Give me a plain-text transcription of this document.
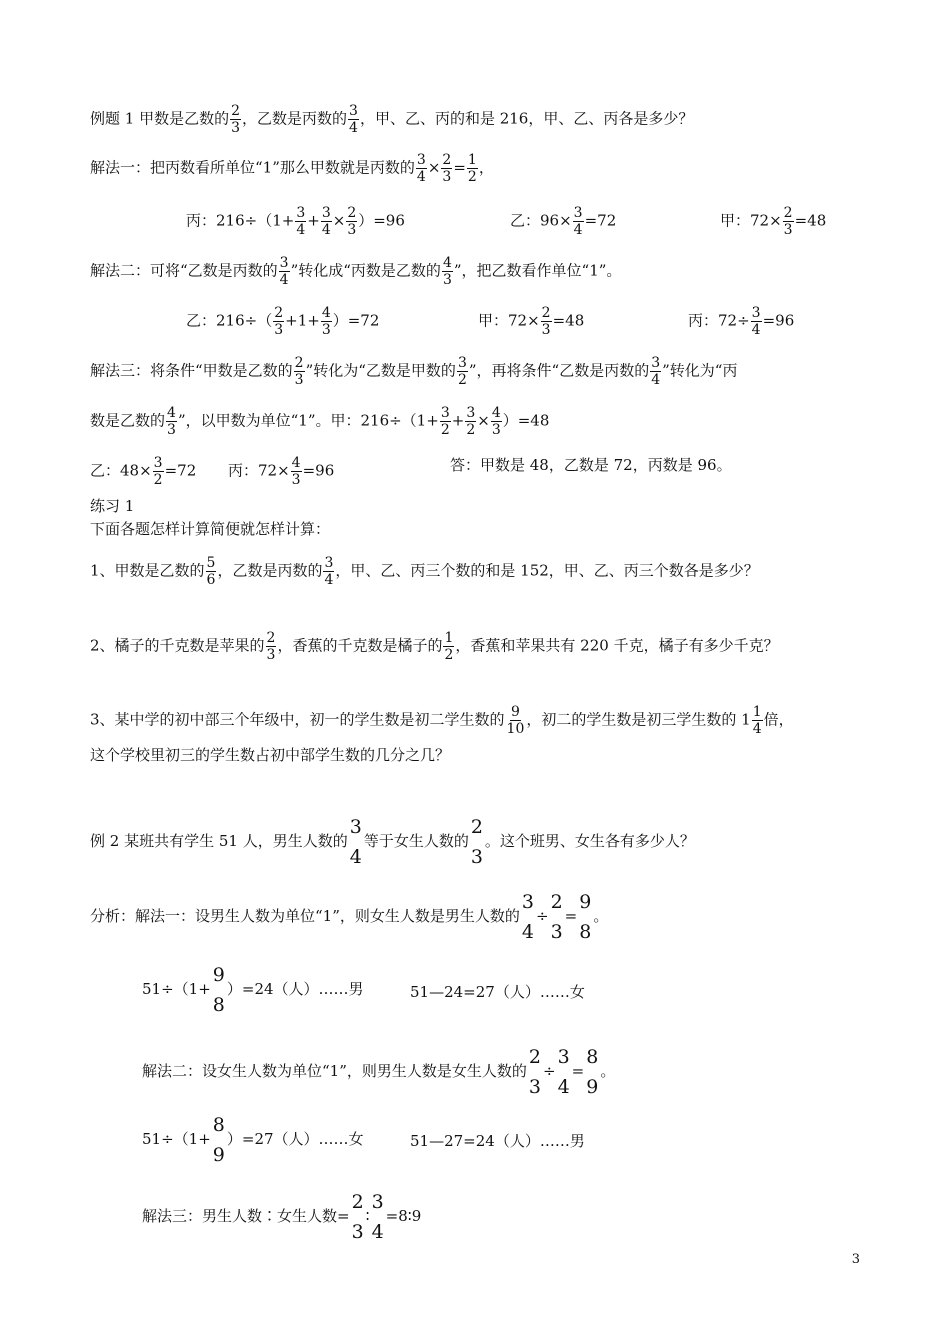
例题 1 甲数是乙数的 $\frac{2}{3}$ ，乙数是丙数的 $\frac{3}{4}$ ，甲、乙、丙的和是 216，甲、乙、丙各是多少？
解法一：把丙数看所单位“1”那么甲数就是丙数的 $\frac{3}{4} \times \frac{2}{3} = \frac{1}{2}$ ，
丙：$216\div(1+ \frac{3}{4} + \frac{3}{4} \times \frac{2}{3} )=96$	乙：$96\times \frac{3}{4} =72$	甲：$72\times \frac{2}{3} =48$
解法二：可将“乙数是丙数的 $\frac{3}{4}$ ”转化成“丙数是乙数的 $\frac{4}{3}$ ”，把乙数看作单位“1”。
乙：$216\div( \frac{2}{3} +1+ \frac{4}{3} )=72$	甲：$72\times \frac{2}{3} =48$	丙：$72\div \frac{3}{4} =96$
解法三：将条件“甲数是乙数的 $\frac{2}{3}$ ”转化为“乙数是甲数的 $\frac{3}{2}$ ”，再将条件“乙数是丙数的 $\frac{3}{4}$ ”转化为“丙
数是乙数的 $\frac{4}{3}$ ”，以甲数为单位“1”。甲：$216\div(1+ \frac{3}{2} + \frac{3}{2} \times \frac{4}{3} )=48$
乙：$48\times \frac{3}{2} =72$ 丙：$72\times \frac{4}{3} =96$	答：甲数是 48，乙数是 72，丙数是 96。
练习 1
下面各题怎样计算简便就怎样计算：
1、甲数是乙数的 $\frac{5}{6}$ ，乙数是丙数的 $\frac{3}{4}$ ，甲、乙、丙三个数的和是 152，甲、乙、丙三个数各是多少？
2、橘子的千克数是苹果的 $\frac{2}{3}$ ，香蕉的千克数是橘子的 $\frac{1}{2}$ ，香蕉和苹果共有 220 千克，橘子有多少千克？
3、某中学的初中部三个年级中，初一的学生数是初二学生数的 $\frac{9}{10}$ ，初二的学生数是初三学生数的 $1 \frac{1}{4}$ 倍，
这个学校里初三的学生数占初中部学生数的几分之几？
例 2 某班共有学生 51 人，男生人数的
3
4
等于女生人数的
2
3
。这个班男、女生各有多少人？
分析：解法一：设男生人数为单位“1”，则女生人数是男生人数的
3
4
÷
2
3
=
9
8
。
51÷（1+
9
8
）=24（人）……男	51—24=27（人）……女
解法二：设女生人数为单位“1”，则男生人数是女生人数的
2
3
÷
3
4
=
8
9
。
51÷（1+
8
9
）=27（人）……女	51—27=24（人）……男
解法三：男生人数∶女生人数=
2
3
∶
3
4
=8∶9
3
